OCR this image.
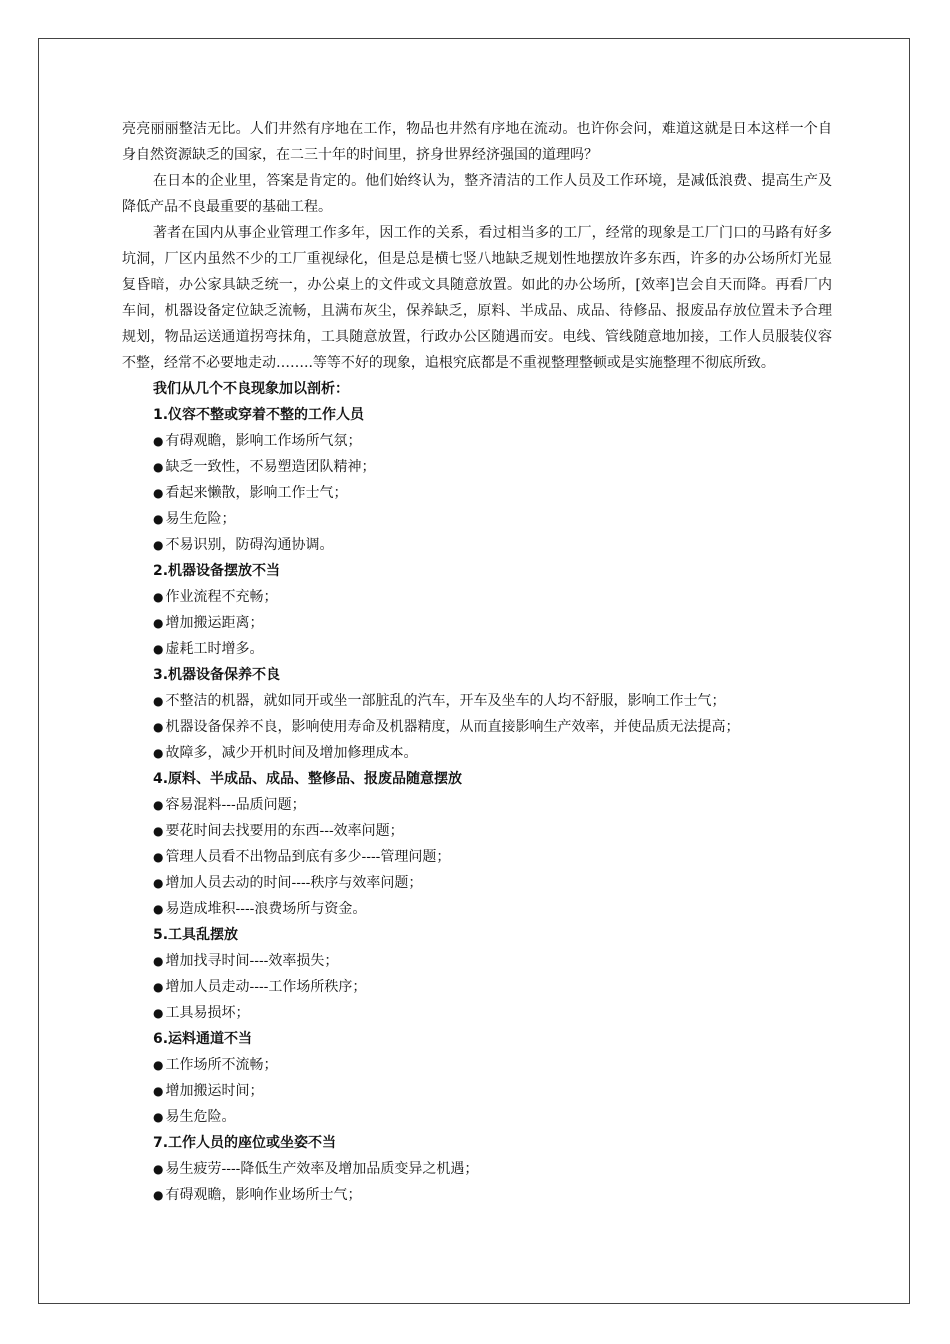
亮亮丽丽整洁无比。人们井然有序地在工作，物品也井然有序地在流动。也许你会问，难道这就是日本这样一个自身自然资源缺乏的国家，在二三十年的时间里，挤身世界经济强国的道理吗？

在日本的企业里，答案是肯定的。他们始终认为，整齐清洁的工作人员及工作环境，是减低浪费、提高生产及降低产品不良最重要的基础工程。

著者在国内从事企业管理工作多年，因工作的关系，看过相当多的工厂，经常的现象是工厂门口的马路有好多坑洞，厂区内虽然不少的工厂重视绿化，但是总是横七竖八地缺乏规划性地摆放许多东西，许多的办公场所灯光显复昏暗，办公家具缺乏统一，办公桌上的文件或文具随意放置。如此的办公场所，[效率]岂会自天而降。再看厂内车间，机器设备定位缺乏流畅，且满布灰尘，保养缺乏，原料、半成品、成品、待修品、报废品存放位置未予合理规划，物品运送通道拐弯抹角，工具随意放置，行政办公区随遇而安。电线、管线随意地加接，工作人员服装仪容不整，经常不必要地走动……..等等不好的现象，追根究底都是不重视整理整顿或是实施整理不彻底所致。

我们从几个不良现象加以剖析：

1.仪容不整或穿着不整的工作人员

● 有碍观瞻，影响工作场所气氛；
● 缺乏一致性，不易塑造团队精神；
● 看起来懒散，影响工作士气；
● 易生危险；
● 不易识别，防碍沟通协调。

2.机器设备摆放不当

● 作业流程不充畅；
● 增加搬运距离；
● 虚耗工时增多。

3.机器设备保养不良

● 不整洁的机器，就如同开或坐一部脏乱的汽车，开车及坐车的人均不舒服，影响工作士气；
● 机器设备保养不良，影响使用寿命及机器精度，从而直接影响生产效率，并使品质无法提高；
● 故障多，减少开机时间及增加修理成本。

4.原料、半成品、成品、整修品、报废品随意摆放

● 容易混料---品质问题；
● 要花时间去找要用的东西---效率问题；
● 管理人员看不出物品到底有多少----管理问题；
● 增加人员去动的时间----秩序与效率问题；
● 易造成堆积----浪费场所与资金。

5.工具乱摆放

● 增加找寻时间----效率损失；
● 增加人员走动----工作场所秩序；
● 工具易损坏；

6.运料通道不当

● 工作场所不流畅；
● 增加搬运时间；
● 易生危险。

7.工作人员的座位或坐姿不当

● 易生疲劳----降低生产效率及增加品质变异之机遇；
● 有碍观瞻，影响作业场所士气；
